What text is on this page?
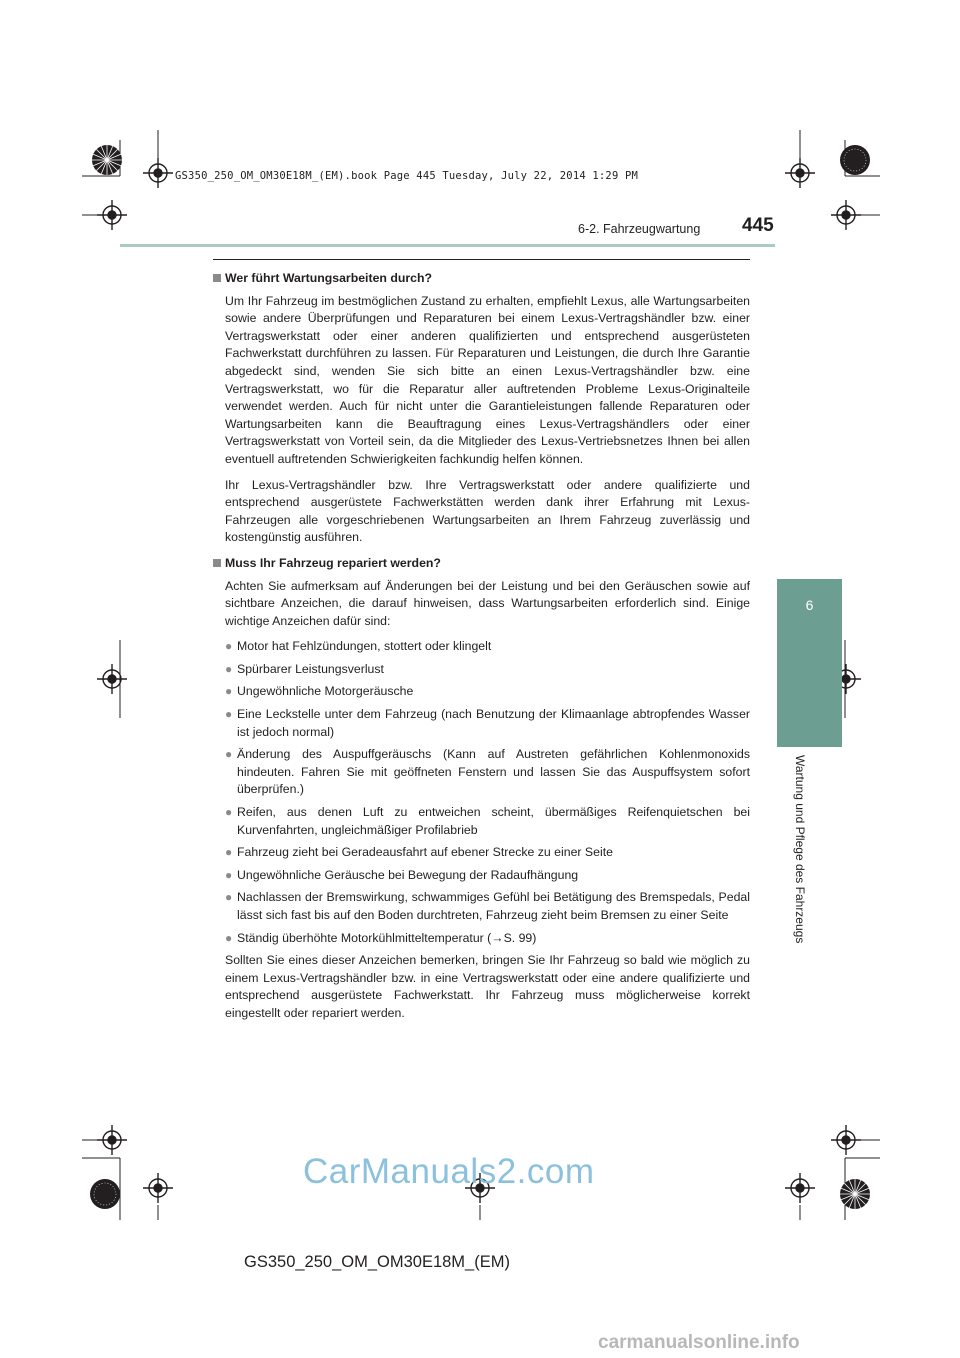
GS350_250_OM_OM30E18M_(EM).book Page 445 Tuesday, July 22, 2014 1:29 PM
6-2. Fahrzeugwartung 445
6
Wartung und Pflege des Fahrzeugs
Wer führt Wartungsarbeiten durch?

Um Ihr Fahrzeug im bestmöglichen Zustand zu erhalten, empfiehlt Lexus, alle Wartungsarbeiten sowie andere Überprüfungen und Reparaturen bei einem Lexus-Vertragshändler bzw. einer Vertragswerkstatt oder einer anderen qualifizierten und entsprechend ausgerüsteten Fachwerkstatt durchführen zu lassen. Für Reparaturen und Leistungen, die durch Ihre Garantie abgedeckt sind, wenden Sie sich bitte an einen Lexus-Vertragshändler bzw. eine Vertragswerkstatt, wo für die Reparatur aller auftretenden Probleme Lexus-Originalteile verwendet werden. Auch für nicht unter die Garantieleistungen fallende Reparaturen oder Wartungsarbeiten kann die Beauftragung eines Lexus-Vertragshändlers oder einer Vertragswerkstatt von Vorteil sein, da die Mitglieder des Lexus-Vertriebsnetzes Ihnen bei allen eventuell auftretenden Schwierigkeiten fachkundig helfen können.

Ihr Lexus-Vertragshändler bzw. Ihre Vertragswerkstatt oder andere qualifizierte und entsprechend ausgerüstete Fachwerkstätten werden dank ihrer Erfahrung mit Lexus-Fahrzeugen alle vorgeschriebenen Wartungsarbeiten an Ihrem Fahrzeug zuverlässig und kostengünstig ausführen.

Muss Ihr Fahrzeug repariert werden?

Achten Sie aufmerksam auf Änderungen bei der Leistung und bei den Geräuschen sowie auf sichtbare Anzeichen, die darauf hinweisen, dass Wartungsarbeiten erforderlich sind. Einige wichtige Anzeichen dafür sind:

● Motor hat Fehlzündungen, stottert oder klingelt
● Spürbarer Leistungsverlust
● Ungewöhnliche Motorgeräusche
● Eine Leckstelle unter dem Fahrzeug (nach Benutzung der Klimaanlage abtropfendes Wasser ist jedoch normal)
● Änderung des Auspuffgeräuschs (Kann auf Austreten gefährlichen Kohlenmonoxids hindeuten. Fahren Sie mit geöffneten Fenstern und lassen Sie das Auspuffsystem sofort überprüfen.)
● Reifen, aus denen Luft zu entweichen scheint, übermäßiges Reifenquietschen bei Kurvenfahrten, ungleichmäßiger Profilabrieb
● Fahrzeug zieht bei Geradeausfahrt auf ebener Strecke zu einer Seite
● Ungewöhnliche Geräusche bei Bewegung der Radaufhängung
● Nachlassen der Bremswirkung, schwammiges Gefühl bei Betätigung des Bremspedals, Pedal lässt sich fast bis auf den Boden durchtreten, Fahrzeug zieht beim Bremsen zu einer Seite
● Ständig überhöhte Motorkühlmitteltemperatur (→S. 99)

Sollten Sie eines dieser Anzeichen bemerken, bringen Sie Ihr Fahrzeug so bald wie möglich zu einem Lexus-Vertragshändler bzw. in eine Vertragswerkstatt oder eine andere qualifizierte und entsprechend ausgerüstete Fachwerkstatt. Ihr Fahrzeug muss möglicherweise korrekt eingestellt oder repariert werden.

CarManuals2.com
GS350_250_OM_OM30E18M_(EM)
carmanualsonline.info
